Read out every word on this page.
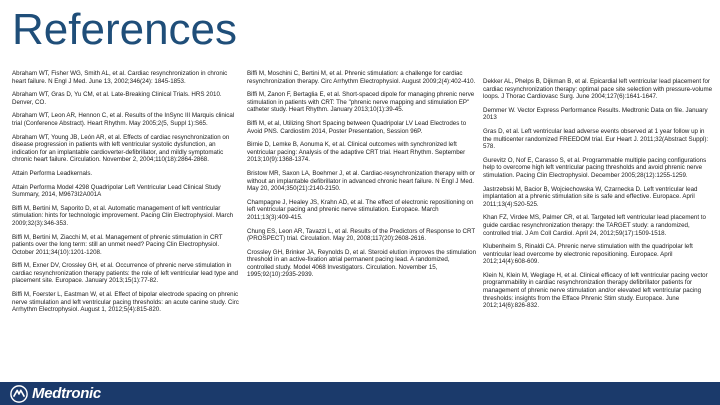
References

Abraham WT, Fisher WG, Smith AL, et al. Cardiac resynchronization in chronic heart failure. N Engl J Med. June 13, 2002;346(24): 1845-1853.

Abraham WT, Gras D, Yu CM, et al. Late-Breaking Clinical Trials. HRS 2010. Denver, CO.

Abraham WT, Leon AR, Hennon C, et al. Results of the InSync III Marquis clinical trial (Conference Abstract). Heart Rhythm. May 2005;2(5, Suppl 1):S65.

Abraham WT, Young JB, León AR, et al. Effects of cardiac resynchronization on disease progression in patients with left ventricular systolic dysfunction, an indication for an implantable cardioverter-defibrillator, and mildly symptomatic chronic heart failure. Circulation. November 2, 2004;110(18):2864-2868.

Attain Performa Leadkernals.

Attain Performa Model 4298 Quadripolar Left Ventricular Lead Clinical Study Summary, 2014, M9673I2A001A

Biffi M, Bertini M, Saporito D, et al. Automatic management of left ventricular stimulation: hints for technologic improvement. Pacing Clin Electrophysiol. March 2009;32(3):346-353.

Biffi M, Bertini M, Ziacchi M, et al. Management of phrenic stimulation in CRT patients over the long term: still an unmet need? Pacing Clin Electrophysiol. October 2011;34(10):1201-1208.

Biffi M, Exner DV, Crossley GH, et al. Occurrence of phrenic nerve stimulation in cardiac resynchronization therapy patients: the role of left ventricular lead type and placement site. Europace. January 2013;15(1):77-82.

Biffi M, Foerster L, Eastman W, et al. Effect of bipolar electrode spacing on phrenic nerve stimulation and left ventricular pacing thresholds: an acute canine study. Circ Arrhythm Electrophysiol. August 1, 2012;5(4):815-820.

Biffi M, Moschini C, Bertini M, et al. Phrenic stimulation: a challenge for cardiac resynchronization therapy. Circ Arrhythm Electrophysiol. August 2009;2(4):402-410.

Biffi M, Zanon F, Bertaglia E, et al. Short-spaced dipole for managing phrenic nerve stimulation in patients with CRT: The "phrenic nerve mapping and stimulation EP" catheter study. Heart Rhythm. January 2013;10(1):39-45.

Biffi M, et al, Utilizing Short Spacing between Quadripolar LV Lead Electrodes to Avoid PNS. Cardiostim 2014, Poster Presentation, Session 96P.

Birnie D, Lemke B, Aonuma K, et al. Clinical outcomes with synchronized left ventricular pacing: Analysis of the adaptive CRT trial. Heart Rhythm. September 2013;10(9):1368-1374.

Bristow MR, Saxon LA, Boehmer J, et al. Cardiac-resynchronization therapy with or without an implantable defibrillator in advanced chronic heart failure. N Engl J Med. May 20, 2004;350(21):2140-2150.

Champagne J, Healey JS, Krahn AD, et al. The effect of electronic repositioning on left ventricular pacing and phrenic nerve stimulation. Europace. March 2011;13(3):409-415.

Chung ES, Leon AR, Tavazzi L, et al. Results of the Predictors of Response to CRT (PROSPECT) trial. Circulation. May 20, 2008;117(20):2608-2616.

Crossley GH, Brinker JA, Reynolds D, et al. Steroid elution improves the stimulation threshold in an active-fixation atrial permanent pacing lead. A randomized, controlled study. Model 4068 Investigators. Circulation. November 15, 1995;92(10):2935-2939.

Dekker AL, Phelps B, Dijkman B, et al. Epicardial left ventricular lead placement for cardiac resynchronization therapy: optimal pace site selection with pressure-volume loops. J Thorac Cardiovasc Surg. June 2004;127(6):1641-1647.

Demmer W. Vector Express Performance Results. Medtronic Data on file. January 2013

Gras D, et al. Left ventricular lead adverse events observed at 1 year follow up in the multicenter randomized FREEDOM trial. Eur Heart J. 2011;32(Abstract Suppl): 578.

Gurevitz O, Nof E, Carasso S, et al. Programmable multiple pacing configurations help to overcome high left ventricular pacing thresholds and avoid phrenic nerve stimulation. Pacing Clin Electrophysiol. December 2005;28(12):1255-1259.

Jastrzebski M, Bacior B, Wojciechowska W, Czarnecka D. Left ventricular lead implantation at a phrenic stimulation site is safe and effective. Europace. April 2011;13(4):520-525.

Khan FZ, Virdee MS, Palmer CR, et al. Targeted left ventricular lead placement to guide cardiac resynchronization therapy: the TARGET study: a randomized, controlled trial. J Am Coll Cardiol. April 24, 2012;59(17):1509-1518.

Klubenheim S, Rinaldi CA. Phrenic nerve stimulation with the quadripolar left ventricular lead overcome by electronic repositioning. Europace. April 2012;14(4):608-609.

Klein N, Klein M, Weglage H, et al. Clinical efficacy of left ventricular pacing vector programmability in cardiac resynchronization therapy defibrillator patients for management of phrenic nerve stimulation and/or elevated left ventricular pacing thresholds: insights from the Efface Phrenic Stim study. Europace. June 2012;14(6):826-832.

Medtronic
